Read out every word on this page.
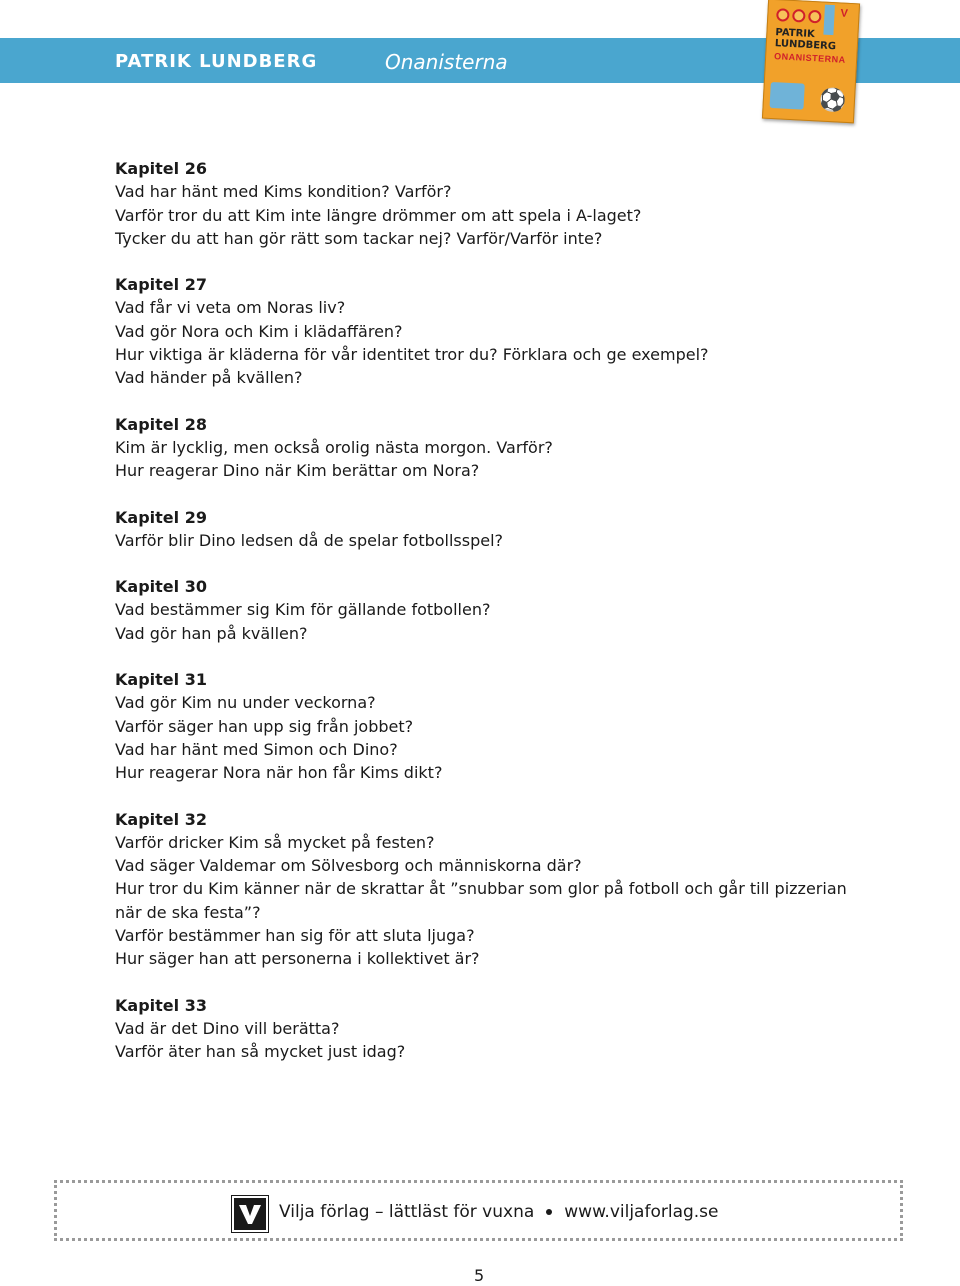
PATRIK LUNDBERG	Onanisterna
V
PATRIK
LUNDBERG
ONANISTERNA
⚽
Kapitel 26

Vad har hänt med Kims kondition? Varför?

Varför tror du att Kim inte längre drömmer om att spela i A-laget?

Tycker du att han gör rätt som tackar nej? Varför/Varför inte?

Kapitel 27

Vad får vi veta om Noras liv?

Vad gör Nora och Kim i klädaffären?

Hur viktiga är kläderna för vår identitet tror du? Förklara och ge exempel?

Vad händer på kvällen?

Kapitel 28

Kim är lycklig, men också orolig nästa morgon. Varför?

Hur reagerar Dino när Kim berättar om Nora?

Kapitel 29

Varför blir Dino ledsen då de spelar fotbollsspel?

Kapitel 30

Vad bestämmer sig Kim för gällande fotbollen?

Vad gör han på kvällen?

Kapitel 31

Vad gör Kim nu under veckorna?

Varför säger han upp sig från jobbet?

Vad har hänt med Simon och Dino?

Hur reagerar Nora när hon får Kims dikt?

Kapitel 32

Varför dricker Kim så mycket på festen?

Vad säger Valdemar om Sölvesborg och människorna där?

Hur tror du Kim känner när de skrattar åt ”snubbar som glor på fotboll och går till pizzerian när de ska festa”?

Varför bestämmer han sig för att sluta ljuga?

Hur säger han att personerna i kollektivet är?

Kapitel 33

Vad är det Dino vill berätta?

Varför äter han så mycket just idag?

Vilja förlag – lättläst för vuxna www.viljaforlag.se
5
